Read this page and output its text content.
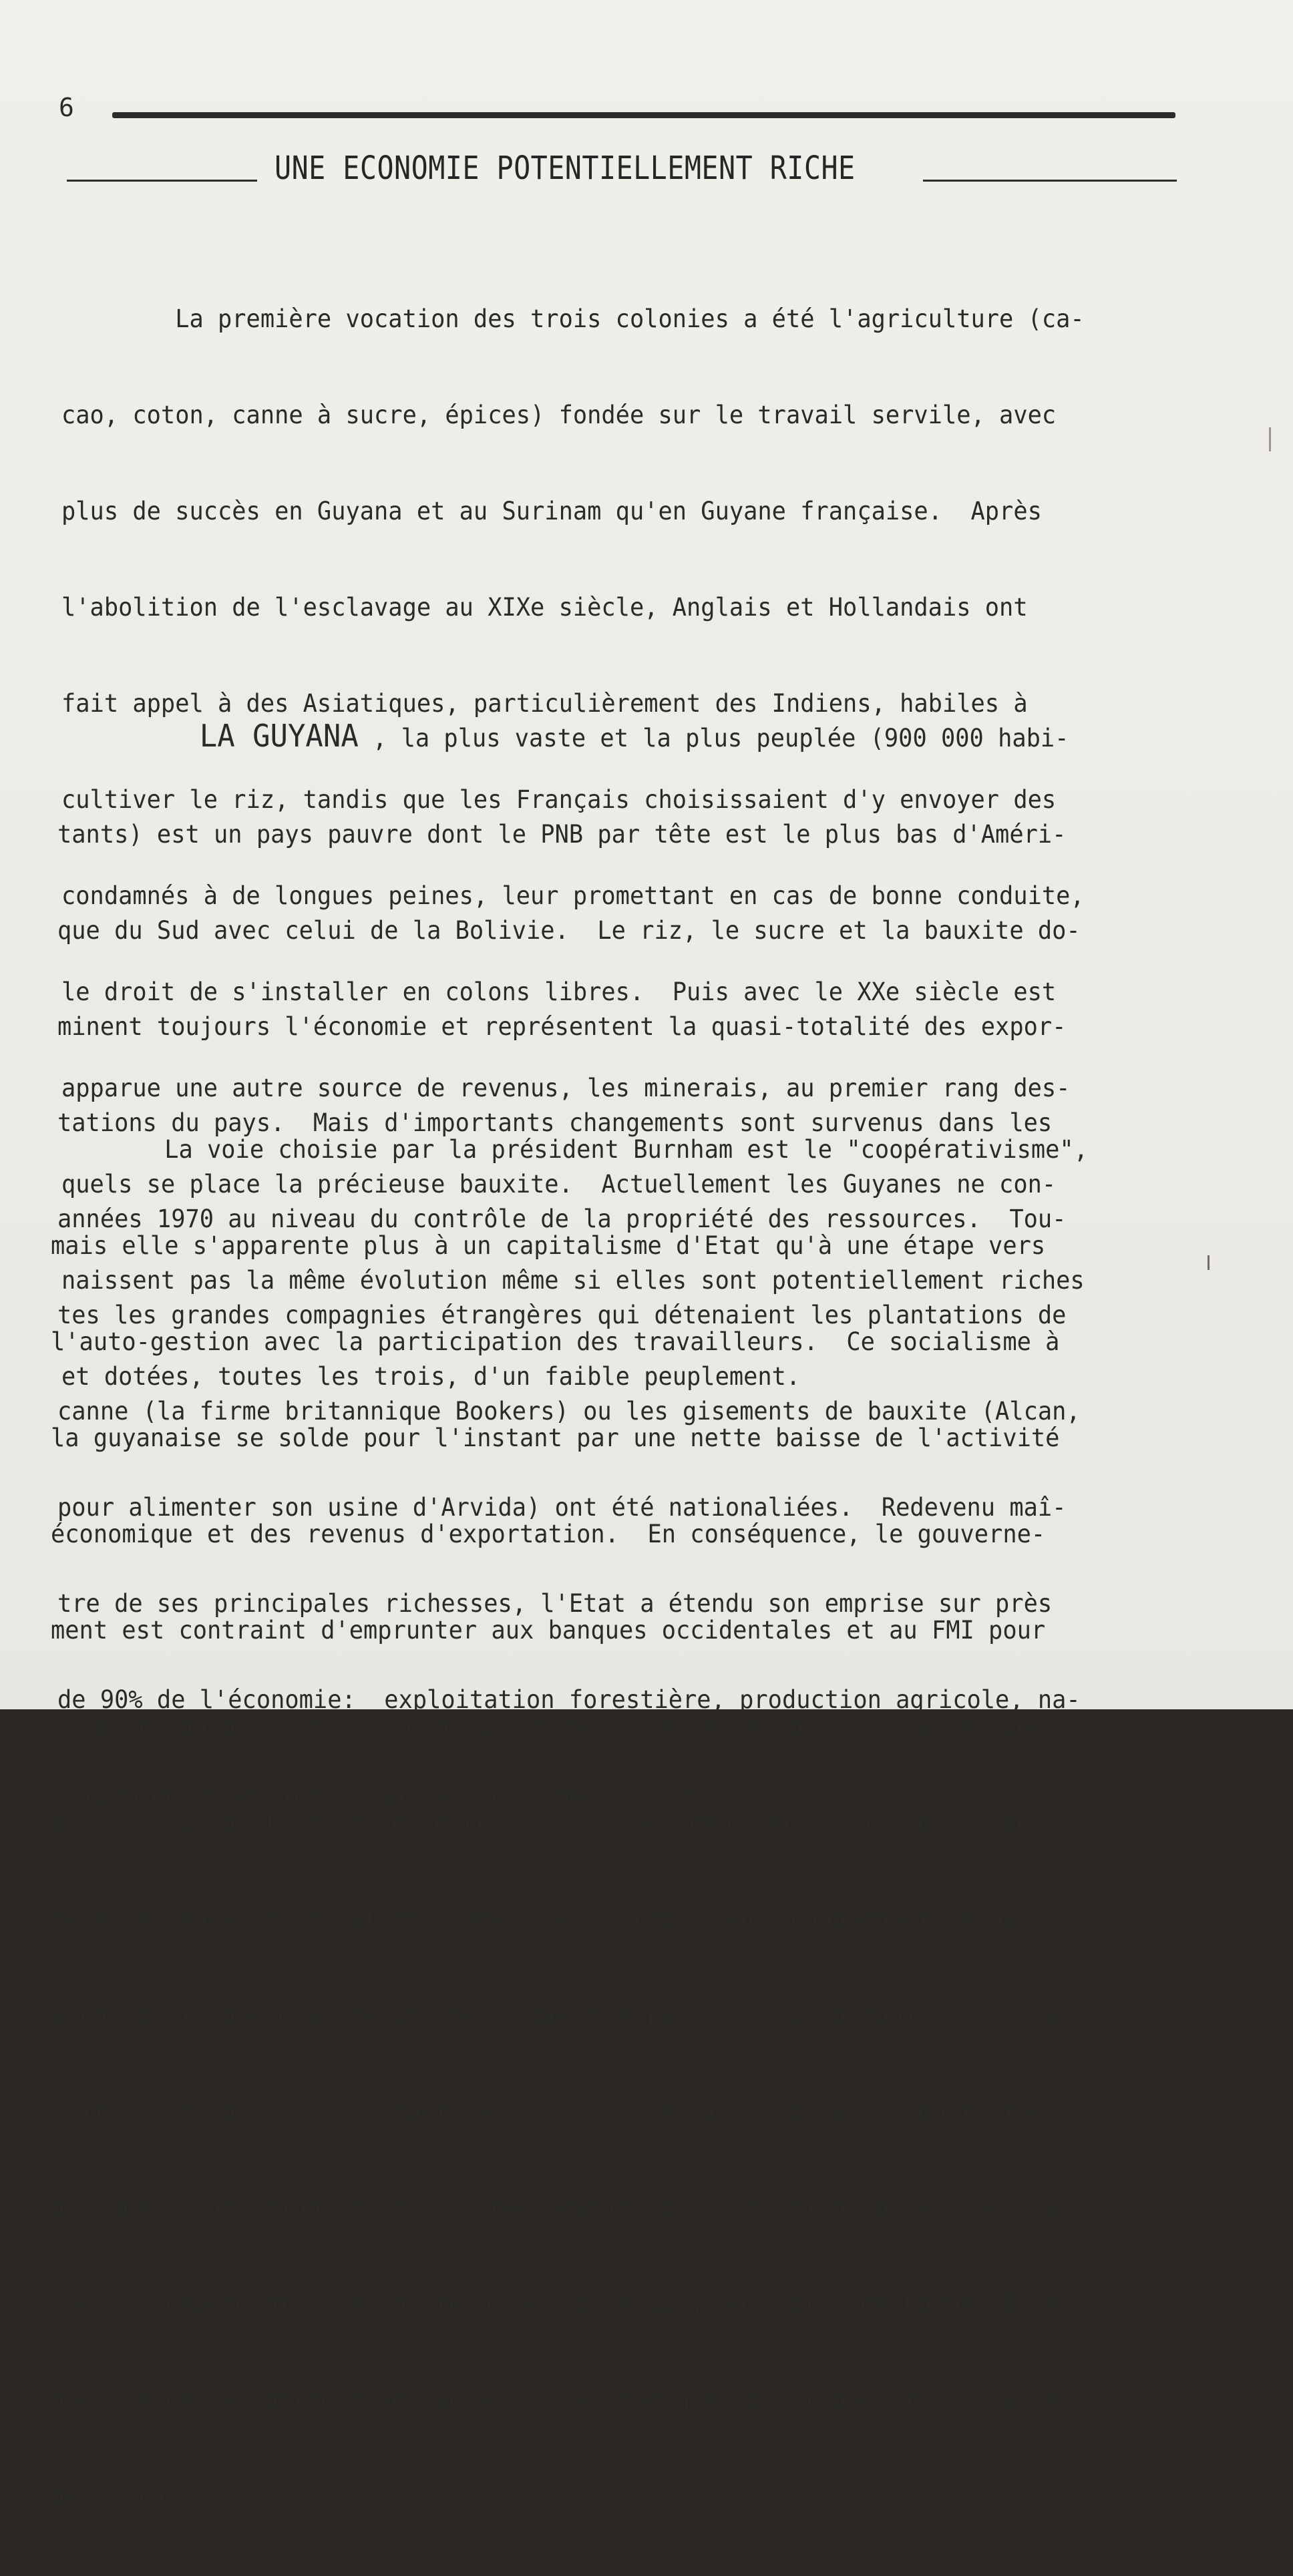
6
UNE ECONOMIE POTENTIELLEMENT RICHE

La première vocation des trois colonies a été l'agriculture (ca-

cao, coton, canne à sucre, épices) fondée sur le travail servile, avec

plus de succès en Guyana et au Surinam qu'en Guyane française.  Après

l'abolition de l'esclavage au XIXe siècle, Anglais et Hollandais ont

fait appel à des Asiatiques, particulièrement des Indiens, habiles à

cultiver le riz, tandis que les Français choisissaient d'y envoyer des

condamnés à de longues peines, leur promettant en cas de bonne conduite,

le droit de s'installer en colons libres.  Puis avec le XXe siècle est

apparue une autre source de revenus, les minerais, au premier rang des-

quels se place la précieuse bauxite.  Actuellement les Guyanes ne con-

naissent pas la même évolution même si elles sont potentiellement riches

et dotées, toutes les trois, d'un faible peuplement.

LA GUYANA , la plus vaste et la plus peuplée (900 000 habi-

tants) est un pays pauvre dont le PNB par tête est le plus bas d'Améri-

que du Sud avec celui de la Bolivie.  Le riz, le sucre et la bauxite do-

minent toujours l'économie et représentent la quasi-totalité des expor-

tations du pays.  Mais d'importants changements sont survenus dans les

années 1970 au niveau du contrôle de la propriété des ressources.  Tou-

tes les grandes compagnies étrangères qui détenaient les plantations de

canne (la firme britannique Bookers) ou les gisements de bauxite (Alcan,

pour alimenter son usine d'Arvida) ont été nationaliées.  Redevenu maî-

tre de ses principales richesses, l'Etat a étendu son emprise sur près

de 90% de l'économie:  exploitation forestière, production agricole, na-

vigation, transports, banques de commerce, etc...

La voie choisie par la président Burnham est le "coopérativisme",

mais elle s'apparente plus à un capitalisme d'Etat qu'à une étape vers

l'auto-gestion avec la participation des travailleurs.  Ce socialisme à

la guyanaise se solde pour l'instant par une nette baisse de l'activité

économique et des revenus d'exportation.  En conséquence, le gouverne-

ment est contraint d'emprunter aux banques occidentales et au FMI pour

combler son déficit.  La diminution des réserves en devises, accentuée

par le coût de la facture pétrolière, le paiement du service de la det-

te extérieure et le ralentissement de la croissance condamnent le pays

à une politique d'austérité mal supportée par les plus démunis:  les sa-

laires sont gelés, les impôts accrus, les services sociaux réduits tan-

dis que l'inflation sévit.  La dégradation des conditions de vie ne tou-

che pas cependant la minorité privilégiée qui, aux côtés de Forbes Burn-

ham,exerce le contrôle des appareils économique, politique et militaire

de l'Etat.
